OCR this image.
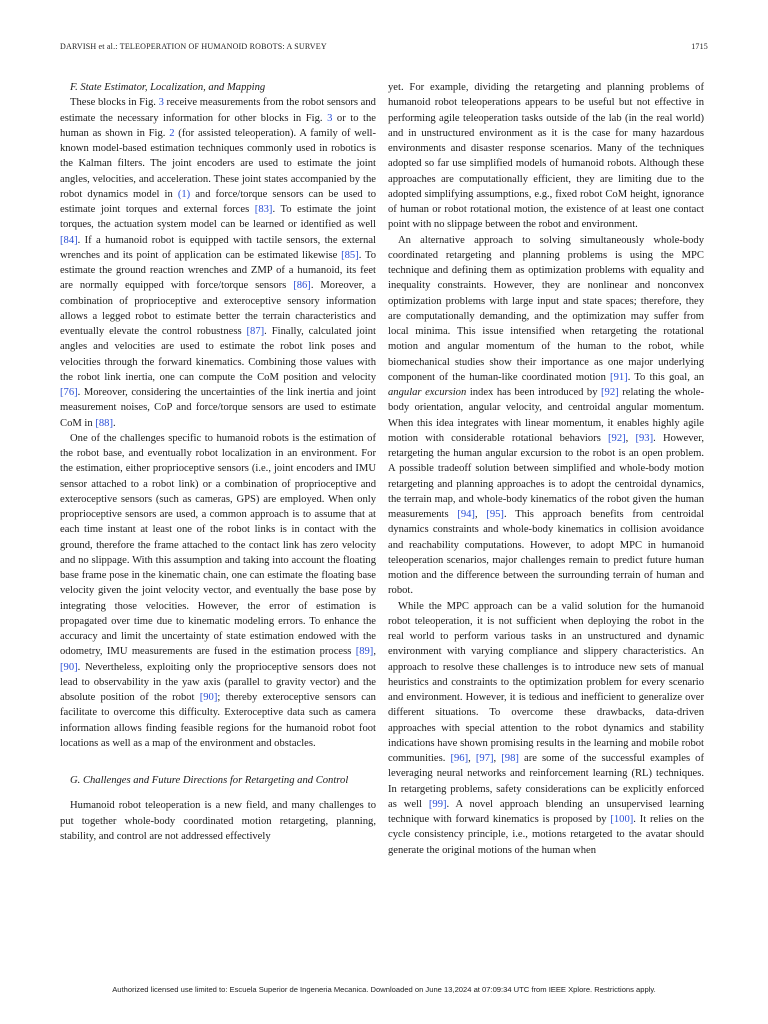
DARVISH et al.: TELEOPERATION OF HUMANOID ROBOTS: A SURVEY	1715

F. State Estimator, Localization, and Mapping

These blocks in Fig. 3 receive measurements from the robot sensors and estimate the necessary information for other blocks in Fig. 3 or to the human as shown in Fig. 2 (for assisted teleoperation). A family of well-known model-based estimation techniques commonly used in robotics is the Kalman filters. The joint encoders are used to estimate the joint angles, velocities, and acceleration. These joint states accompanied by the robot dynamics model in (1) and force/torque sensors can be used to estimate joint torques and external forces [83]. To estimate the joint torques, the actuation system model can be learned or identified as well [84]. If a humanoid robot is equipped with tactile sensors, the external wrenches and its point of application can be estimated likewise [85]. To estimate the ground reaction wrenches and ZMP of a humanoid, its feet are normally equipped with force/torque sensors [86]. Moreover, a combination of proprioceptive and exteroceptive sensory information allows a legged robot to estimate better the terrain characteristics and eventually elevate the control robustness [87]. Finally, calculated joint angles and velocities are used to estimate the robot link poses and velocities through the forward kinematics. Combining those values with the robot link inertia, one can compute the CoM position and velocity [76]. Moreover, considering the uncertainties of the link inertia and joint measurement noises, CoP and force/torque sensors are used to estimate CoM in [88].

One of the challenges specific to humanoid robots is the estimation of the robot base, and eventually robot localization in an environment. For the estimation, either proprioceptive sensors (i.e., joint encoders and IMU sensor attached to a robot link) or a combination of proprioceptive and exteroceptive sensors (such as cameras, GPS) are employed. When only proprioceptive sensors are used, a common approach is to assume that at each time instant at least one of the robot links is in contact with the ground, therefore the frame attached to the contact link has zero velocity and no slippage. With this assumption and taking into account the floating base frame pose in the kinematic chain, one can estimate the floating base velocity given the joint velocity vector, and eventually the base pose by integrating those velocities. However, the error of estimation is propagated over time due to kinematic modeling errors. To enhance the accuracy and limit the uncertainty of state estimation endowed with the odometry, IMU measurements are fused in the estimation process [89], [90]. Nevertheless, exploiting only the proprioceptive sensors does not lead to observability in the yaw axis (parallel to gravity vector) and the absolute position of the robot [90]; thereby exteroceptive sensors can facilitate to overcome this difficulty. Exteroceptive data such as camera information allows finding feasible regions for the humanoid robot foot locations as well as a map of the environment and obstacles.

G. Challenges and Future Directions for Retargeting and Control

Humanoid robot teleoperation is a new field, and many challenges to put together whole-body coordinated motion retargeting, planning, stability, and control are not addressed effectively

yet. For example, dividing the retargeting and planning problems of humanoid robot teleoperations appears to be useful but not effective in performing agile teleoperation tasks outside of the lab (in the real world) and in unstructured environment as it is the case for many hazardous environments and disaster response scenarios. Many of the techniques adopted so far use simplified models of humanoid robots. Although these approaches are computationally efficient, they are limiting due to the adopted simplifying assumptions, e.g., fixed robot CoM height, ignorance of human or robot rotational motion, the existence of at least one contact point with no slippage between the robot and environment.

An alternative approach to solving simultaneously whole-body coordinated retargeting and planning problems is using the MPC technique and defining them as optimization problems with equality and inequality constraints. However, they are nonlinear and nonconvex optimization problems with large input and state spaces; therefore, they are computationally demanding, and the optimization may suffer from local minima. This issue intensified when retargeting the rotational motion and angular momentum of the human to the robot, while biomechanical studies show their importance as one major underlying component of the human-like coordinated motion [91]. To this goal, an angular excursion index has been introduced by [92] relating the whole-body orientation, angular velocity, and centroidal angular momentum. When this idea integrates with linear momentum, it enables highly agile motion with considerable rotational behaviors [92], [93]. However, retargeting the human angular excursion to the robot is an open problem. A possible tradeoff solution between simplified and whole-body motion retargeting and planning approaches is to adopt the centroidal dynamics, the terrain map, and whole-body kinematics of the robot given the human measurements [94], [95]. This approach benefits from centroidal dynamics constraints and whole-body kinematics in collision avoidance and reachability computations. However, to adopt MPC in humanoid teleoperation scenarios, major challenges remain to predict future human motion and the difference between the surrounding terrain of human and robot.

While the MPC approach can be a valid solution for the humanoid robot teleoperation, it is not sufficient when deploying the robot in the real world to perform various tasks in an unstructured and dynamic environment with varying compliance and slippery characteristics. An approach to resolve these challenges is to introduce new sets of manual heuristics and constraints to the optimization problem for every scenario and environment. However, it is tedious and inefficient to generalize over different situations. To overcome these drawbacks, data-driven approaches with special attention to the robot dynamics and stability indications have shown promising results in the learning and mobile robot communities. [96], [97], [98] are some of the successful examples of leveraging neural networks and reinforcement learning (RL) techniques. In retargeting problems, safety considerations can be explicitly enforced as well [99]. A novel approach blending an unsupervised learning technique with forward kinematics is proposed by [100]. It relies on the cycle consistency principle, i.e., motions retargeted to the avatar should generate the original motions of the human when

Authorized licensed use limited to: Escuela Superior de Ingeneria Mecanica. Downloaded on June 13,2024 at 07:09:34 UTC from IEEE Xplore. Restrictions apply.
